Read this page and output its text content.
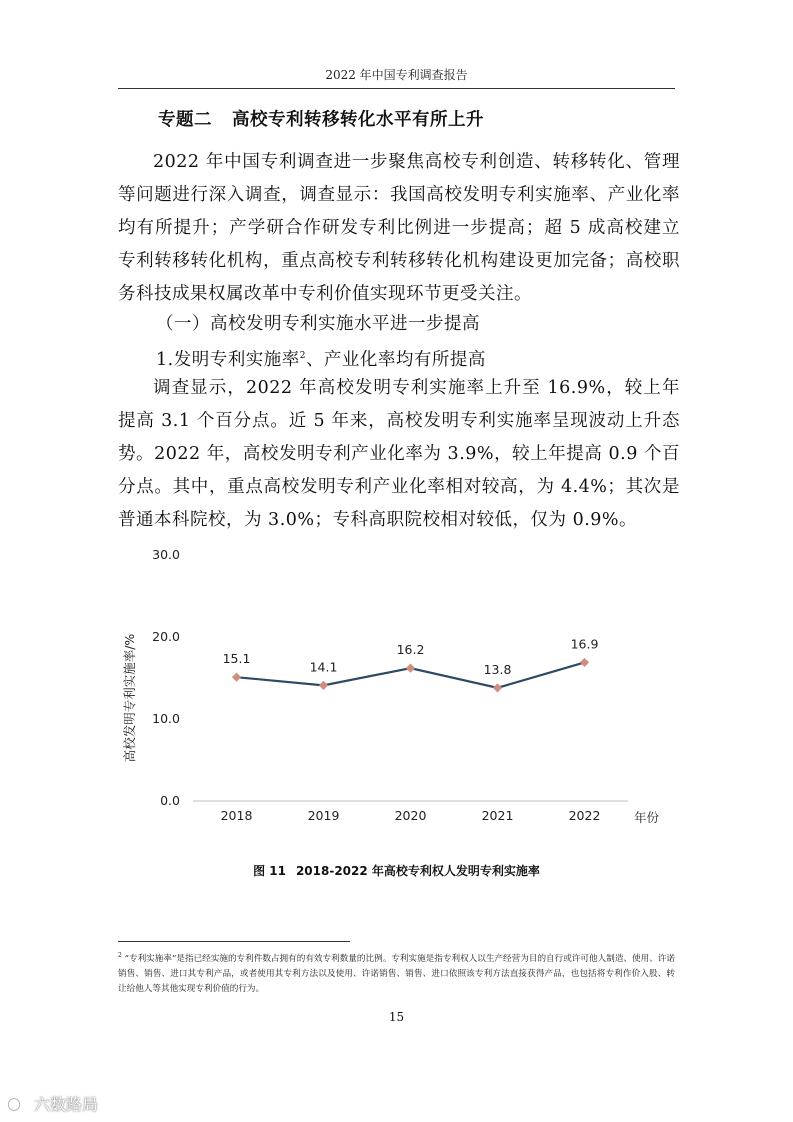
2022 年中国专利调查报告
专题二 高校专利转移转化水平有所上升
2022 年中国专利调查进一步聚焦高校专利创造、转移转化、管理等问题进行深入调查，调查显示：我国高校发明专利实施率、产业化率均有所提升；产学研合作研发专利比例进一步提高；超 5 成高校建立专利转移转化机构，重点高校专利转移转化机构建设更加完备；高校职务科技成果权属改革中专利价值实现环节更受关注。
（一）高校发明专利实施水平进一步提高
1.发明专利实施率$^2$、产业化率均有所提高
调查显示，2022 年高校发明专利实施率上升至 16.9%，较上年提高 3.1 个百分点。近 5 年来，高校发明专利实施率呈现波动上升态势。2022 年，高校发明专利产业化率为 3.9%，较上年提高 0.9 个百分点。其中，重点高校发明专利产业化率相对较高，为 4.4%；其次是普通本科院校，为 3.0%；专科高职院校相对较低，仅为 0.9%。
0.0
10.0
20.0
30.0
2018	2019	2020	2021	2022
15.1
14.1
16.2
13.8
16.9
高校发明专利实施率/%
年份
图 11 2018-2022 年高校专利权人发明专利实施率
$^2$ “专利实施率”是指已经实施的专利件数占拥有的有效专利数量的比例。专利实施是指专利权人以生产经营为目的自行或许可他人制造、使用、许诺销售、销售、进口其专利产品，或者使用其专利方法以及使用、许诺销售、销售、进口依照该专利方法直接获得产品，也包括将专利作价入股、转让给他人等其他实现专利价值的行为。
15
六数路局
